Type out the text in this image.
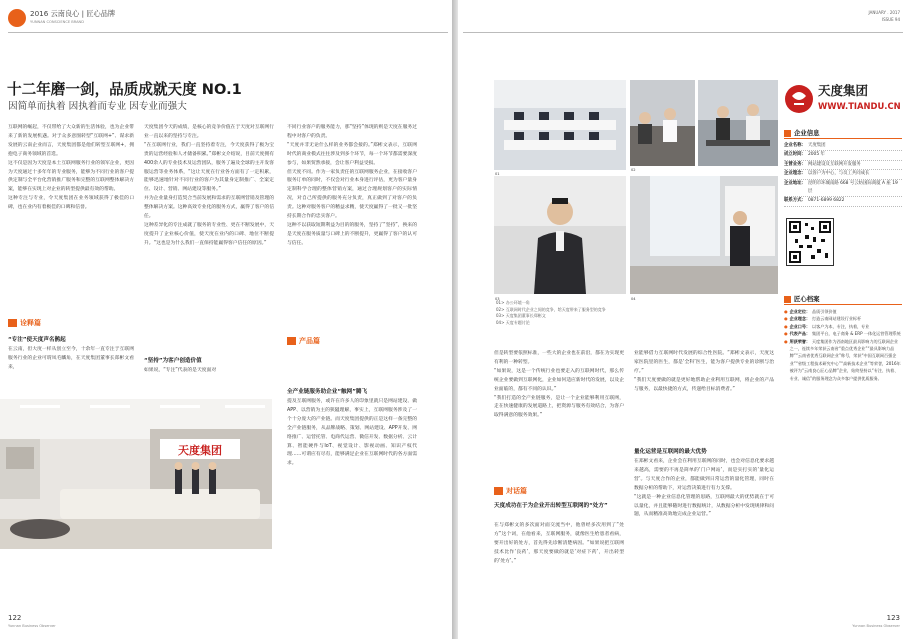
2016 云南良心 | 匠心品牌
YUNNAN CONSCIENCE BRAND
十二年磨一剑，品质成就天度 NO.1
因简单而执着 因执着而专业 因专业而强大

互联网的崛起，不仅带给了大众新的生活体验，也为企业带来了新的发展机遇。对于众多意图转型“互联网+”、谋求新发展的云南企业而言，天度集团都是他们转型互联网+，拥抱电子商务领域的首选。

这不仅是因为天度是本土互联网服务行业的领军企业，更因为天度通过十多年年的专业服务，能够为不同行业的客户提供定制与全平台化营销推广服务和完整的互联网整体解决方案，能够在实现上对企业的转型提供最有效的帮助。

这种专注与专业，令天度集团在业务领域获得了极佳的口碑，也在业内有着极佳的口碑和信誉。

诠释篇
“专注”使天度声名鹊起

在云南，但大度一样从创立至今，十余年一直专注于互联网服务行业的企业可谓凤毛麟角，在天度集团董事长郑彬文看来，

天度集团今天的成绩，是核心的竞争价值在于天度对互联网行业一直以来的坚持与专注。

“在互联网行业，我们一直坚持着专注，今天度获得了极为宝贵的运营经验和人才储备积累。”郑彬文介绍说，目前天度拥有400余人的专业技术及运营团队，服务了遍及全球的主开发客服运营等业务体系，“这让天度在行业各方面有了一定积累，能够迅速地针对不同行业的客户为其量身定制推广、全案定位、设计、营销、网站建设等服务。”

并为企业量身打造契合当前发展和需求的互联网营销及管理的整体解决方案。这种高效专业化的服务方式，赢得了客户的信任。

这种差异化的专注成就了服务的专业性、更在不断发展中，天度提升了企业核心价值，使天度在业内的口碑、地位不断提升。“这也是为什么我们一直保持能赢得客户信任的原因。”

“坚持”为客户创造价值

如果说，“专注”代表的是天度面对

不同行业客户的服务能力，那“坚持”体现的则是天度在服务过程中对客户的负责。

“天度并非无论什么样的业务都会接的。”郑彬文表示，互联网时代的商业模式往往涉及到多个环节，每一个环节都需要深度参与，如果贸然承接，会让客户利益受损。

但天度不同。作为一家负责任的互联网服务企业，在接收客户服务订单的同时，不仅会对行业本身进行评估，更为客户量身定制科学合理的整体营销方案，通过合理规划客户的实际情况，对自己所提供的服务充分负责，真正做到了对客户的负责。这种对服务客户的精益求精，使天度赢得了一批又一批坚持长期合作的忠实客户。

这种不以获取短期利益为目的的服务，坚持了“坚持”，换来的是天度在服务质量与口碑上的不断提升，更赢得了客户的认可与信任。

产品篇
全产业链服务助企业“触网”腾飞

提及互联网服务，或许在许多人的印象里就只是网站建设、做APP、以营销为主的狭隘理解，事实上，互联网服务涉及了一个十分庞大的产业链。而天度集团提供的正是这样一条完整的全产业链服务，从品牌战略、策划、网站建设、APP开发、网络推广、运营托管、电商代运营、微信开发、数据分析、云计算、智能硬件与IoT、视觉设计、影视动画、知识产权代理……可谓应有尽有，能够满足企业在互联网时代的各方面需求。

天度集团
122
Yunnan Business Observer
JANUARY . 2017
ISSUE 94
01
02
03	04
01> 办公环境一角
02> 互联网时代企业之间的竞争，给天度带来了服务型的竞争
03> 天度集团董事长郑彬文
04> 天度专题讨论

但是转型要依照标准，一些大的企业也在前沿，都在为实现更有利的一种转型。

“如果说，这是一个传统行业也要走入的互联网时代，那么传统企业要做到互联网化，企业如何适应新时代的发展，以及企业面临的，都有不同的认识。”

“我们打造的全产业链服务，是让一个企业能够利用互联网，走在快速健康的发展道路上，把资源与服务有效结合，为客户取得满意的服务效果。”

对话篇
天度成功在于为企业开出转型互联网的“处方”

在与郑彬文的多次面对面交流当中，他曾经多次用到了“处方”这个词，在他看来，互联网服务，就像医生给患者看病，要开出好的处方，首先得先诊断清楚病因。“如果说把互联网技术比作‘良药’，那天度要做的就是‘对症下药’，开出转型的‘处方’。”

业能够借力互联网时代发展的综合性医院。“郑彬文表示，天度这家医院里的医生，都是‘全科’医生，能为客户提供专业的诊断与治疗。”

“我们天度要做的就是更好地帮助企业利用互联网，将企业的产品与服务，以最快捷的方式，传递给目标消费者。”

量化运营是互联网的最大优势

在郑彬文看来，企业会在利用互联网的同时，也会对信息化要求越来越高，需要的不再是简单的‘门户网站’，而是实打实的‘量化运营’。与天度合作的企业，都能做到日常运营的量化管理，同时在数据分析的帮助下，对运营决策进行有力支撑。

“这就是一种企业信息化管理的思路，互联网最大的优势就在于可以量化，并且能够随时进行数据统计，从数据分析中发现规律和问题，从而精准高效地完成企业运营。”

天度集团
WWW.TIANDU.CN
企业信息
企业名称： 天度集团
成立时间： 2005 年
主营业务： 网站建设及互联网开发服务
企业理念： 以客户为中心，与员工共同成长
企业地址： 昆明市环城南路 668 号云纺国际商厦 A 座 19 层
联系方式： 0871-6899 6822
匠心档案
● 企业定位： 品质引领价值
● 企业理念： 打造云南网站建设行业标杆
● 企业口号： 以客户为本，专注，执着，专业
● 代表产品： 集团平台，电子商务 & ERP 一体化运营管理系统
● 所获荣誉： 天度集团作为西南地区最具影响力的互联网企业之一，连续多年荣获云南省“重点优秀企业”“最具影响力品牌”“云南省优秀互联网企业”称号，荣获“中国互联网百强企业”“省级工程技术研究中心”“高新技术企业”等荣誉，2016年被评为“云南良心匠心品牌”企业，始终坚持以“专注、执着、专业、诚信”的服务理念为众多客户提供优质服务。
123
Yunnan Business Observer
